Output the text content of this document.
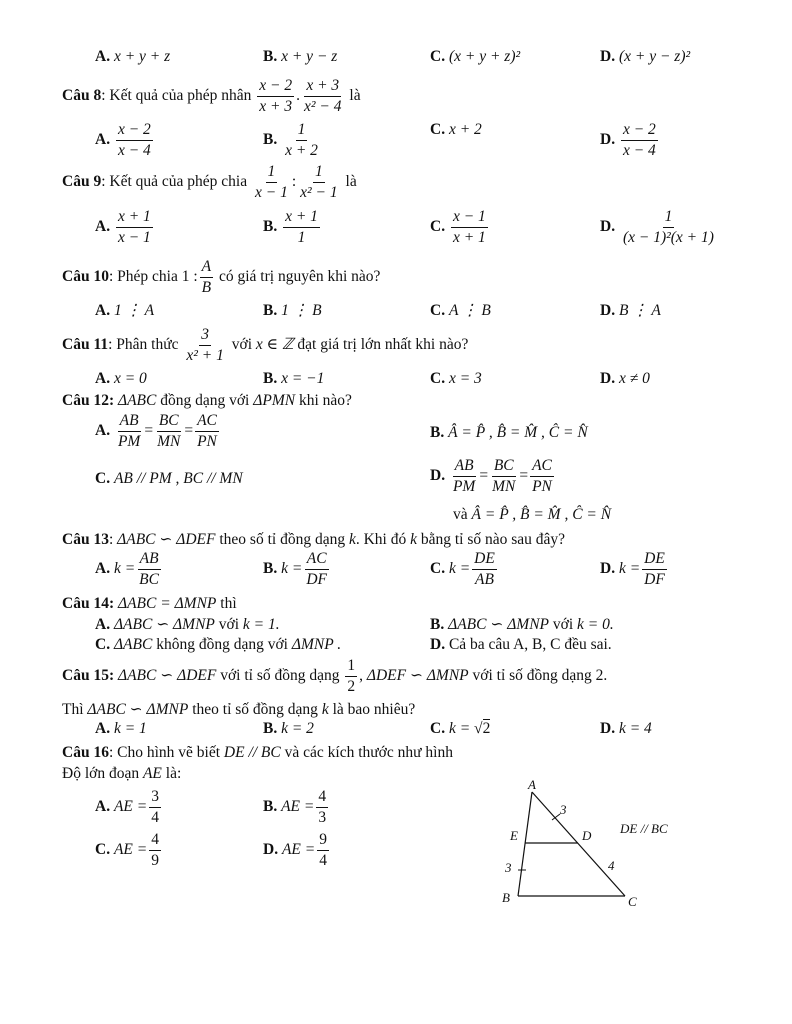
A. x + y + z	B. x + y − z	C. (x + y + z)²	D. (x + y − z)²
Câu 8: Kết quả của phép nhân $\frac{x - 2}{x + 3}$ . $\frac{x + 3}{\text{x² − 4}}$ là
A. $\frac{x - 2}{x - 4}$	B. $\frac{1}{x + 2}$	C. x + 2
D. $\frac{x - 2}{x - 4}$
Câu 9: Kết quả của phép chia $\frac{1}{x - 1}$ : $\frac{1}{\text{x² − 1}}$ là
A. $\frac{x + 1}{x - 1}$	B. $\frac{x + 1}{1}$	C. $\frac{x - 1}{x + 1}$	D. $\frac{1}{\text{(x − 1)²(x + 1)}}$
Câu 10: Phép chia 1 : $\frac{A}{B}$ có giá trị nguyên khi nào?
A. 1 ⋮ A	B. 1 ⋮ B	C. A ⋮ B	D. B ⋮ A
Câu 11: Phân thức $\frac{3}{\text{x² + 1}}$ với x ∈ ℤ đạt giá trị lớn nhất khi nào?
A. x = 0	B. x = −1	C. x = 3	D. x ≠ 0
Câu 12: ΔABC đồng dạng với ΔPMN khi nào?
A. $\frac{AB}{PM} = \frac{BC}{MN} = \frac{AC}{PN}$	B. Â = P̂ , B̂ = M̂ , Ĉ = N̂
C. AB // PM , BC // MN	D. $\frac{AB}{PM} = \frac{BC}{MN} = \frac{AC}{PN}$
và Â = P̂ , B̂ = M̂ , Ĉ = N̂
Câu 13: ΔABC ∽ ΔDEF theo số tỉ đồng dạng k. Khi đó k bằng tỉ số nào sau đây?
A. $k = \frac{AB}{BC}$	B. $k = \frac{AC}{DF}$	C. $k = \frac{DE}{AB}$	D. $k = \frac{DE}{DF}$
Câu 14: ΔABC = ΔMNP thì
A. ΔABC ∽ ΔMNP với k = 1.	B. ΔABC ∽ ΔMNP với k = 0.
C. ΔABC không đồng dạng với ΔMNP .	D. Cả ba câu A, B, C đều sai.
Câu 15: ΔABC ∽ ΔDEF với tỉ số đồng dạng $\frac{1}{2}$ , ΔDEF ∽ ΔMNP với tỉ số đồng dạng 2.
Thì ΔABC ∽ ΔMNP theo tỉ số đồng dạng k là bao nhiêu?
A. k = 1	B. k = 2	C. k = √2	D. k = 4
Câu 16: Cho hình vẽ biết DE // BC và các kích thước như hình
Độ lớn đoạn AE là:
A. AE = $\frac{3}{4}$	B. AE = $\frac{4}{3}$
C. AE = $\frac{4}{9}$	D. AE = $\frac{9}{4}$
A
B	C
D
E
3
3	4
DE // BC
